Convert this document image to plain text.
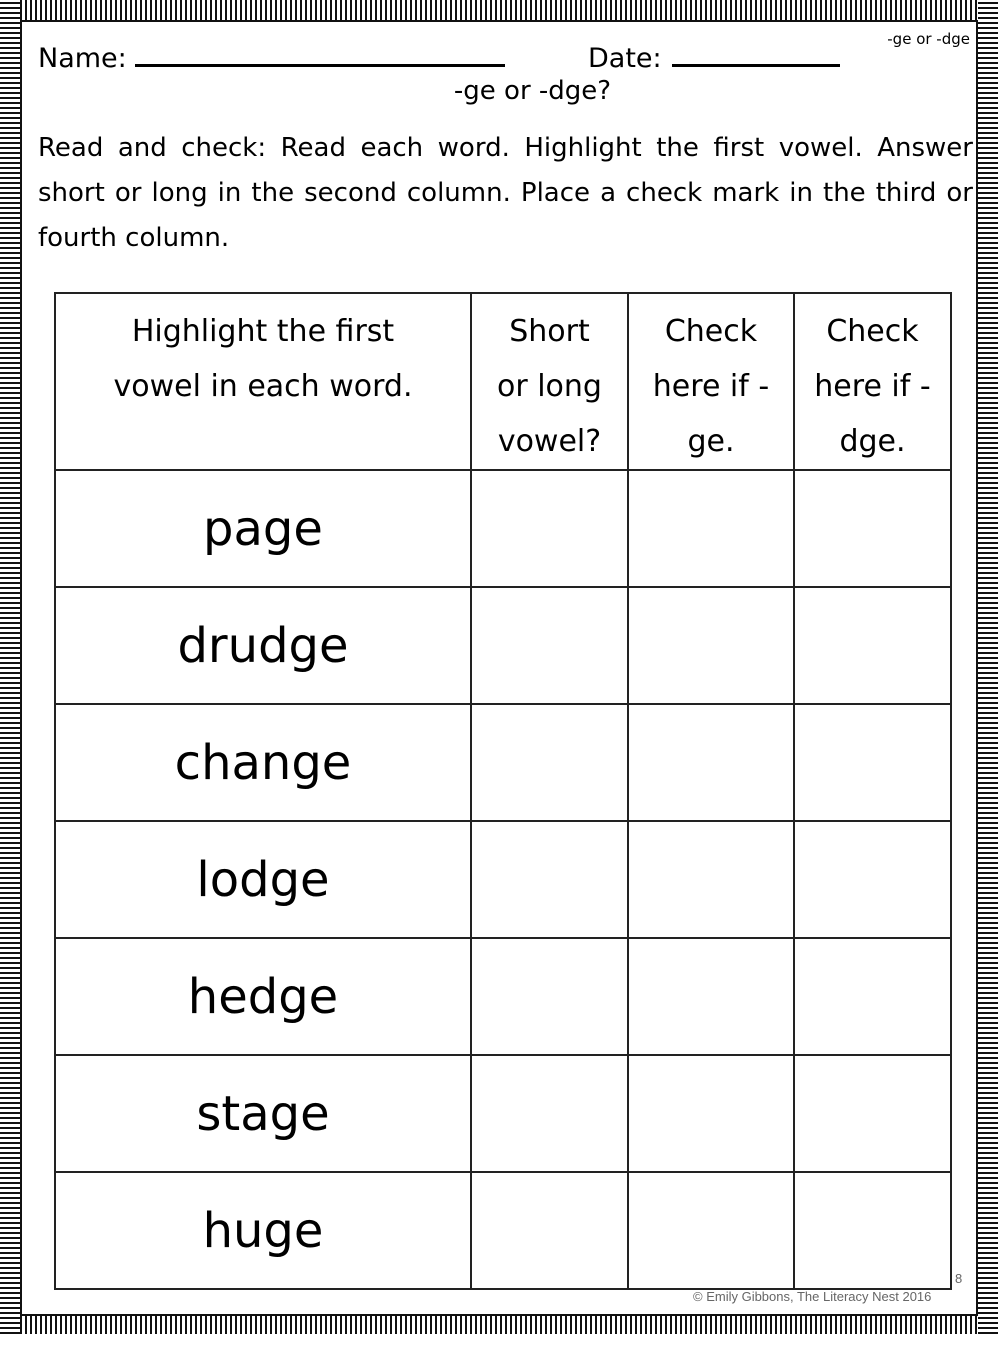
-ge or -dge
Name:	Date:
-ge or -dge?
Read and check: Read each word. Highlight the first vowel. Answer short or long in the second column. Place a check mark in the third or fourth column.
Highlight the first vowel in each word.	Short or long vowel?	Check here if -ge.	Check here if -dge.

page			
drudge			
change			
lodge			
hedge			
stage			
huge			
8
© Emily Gibbons, The Literacy Nest 2016
